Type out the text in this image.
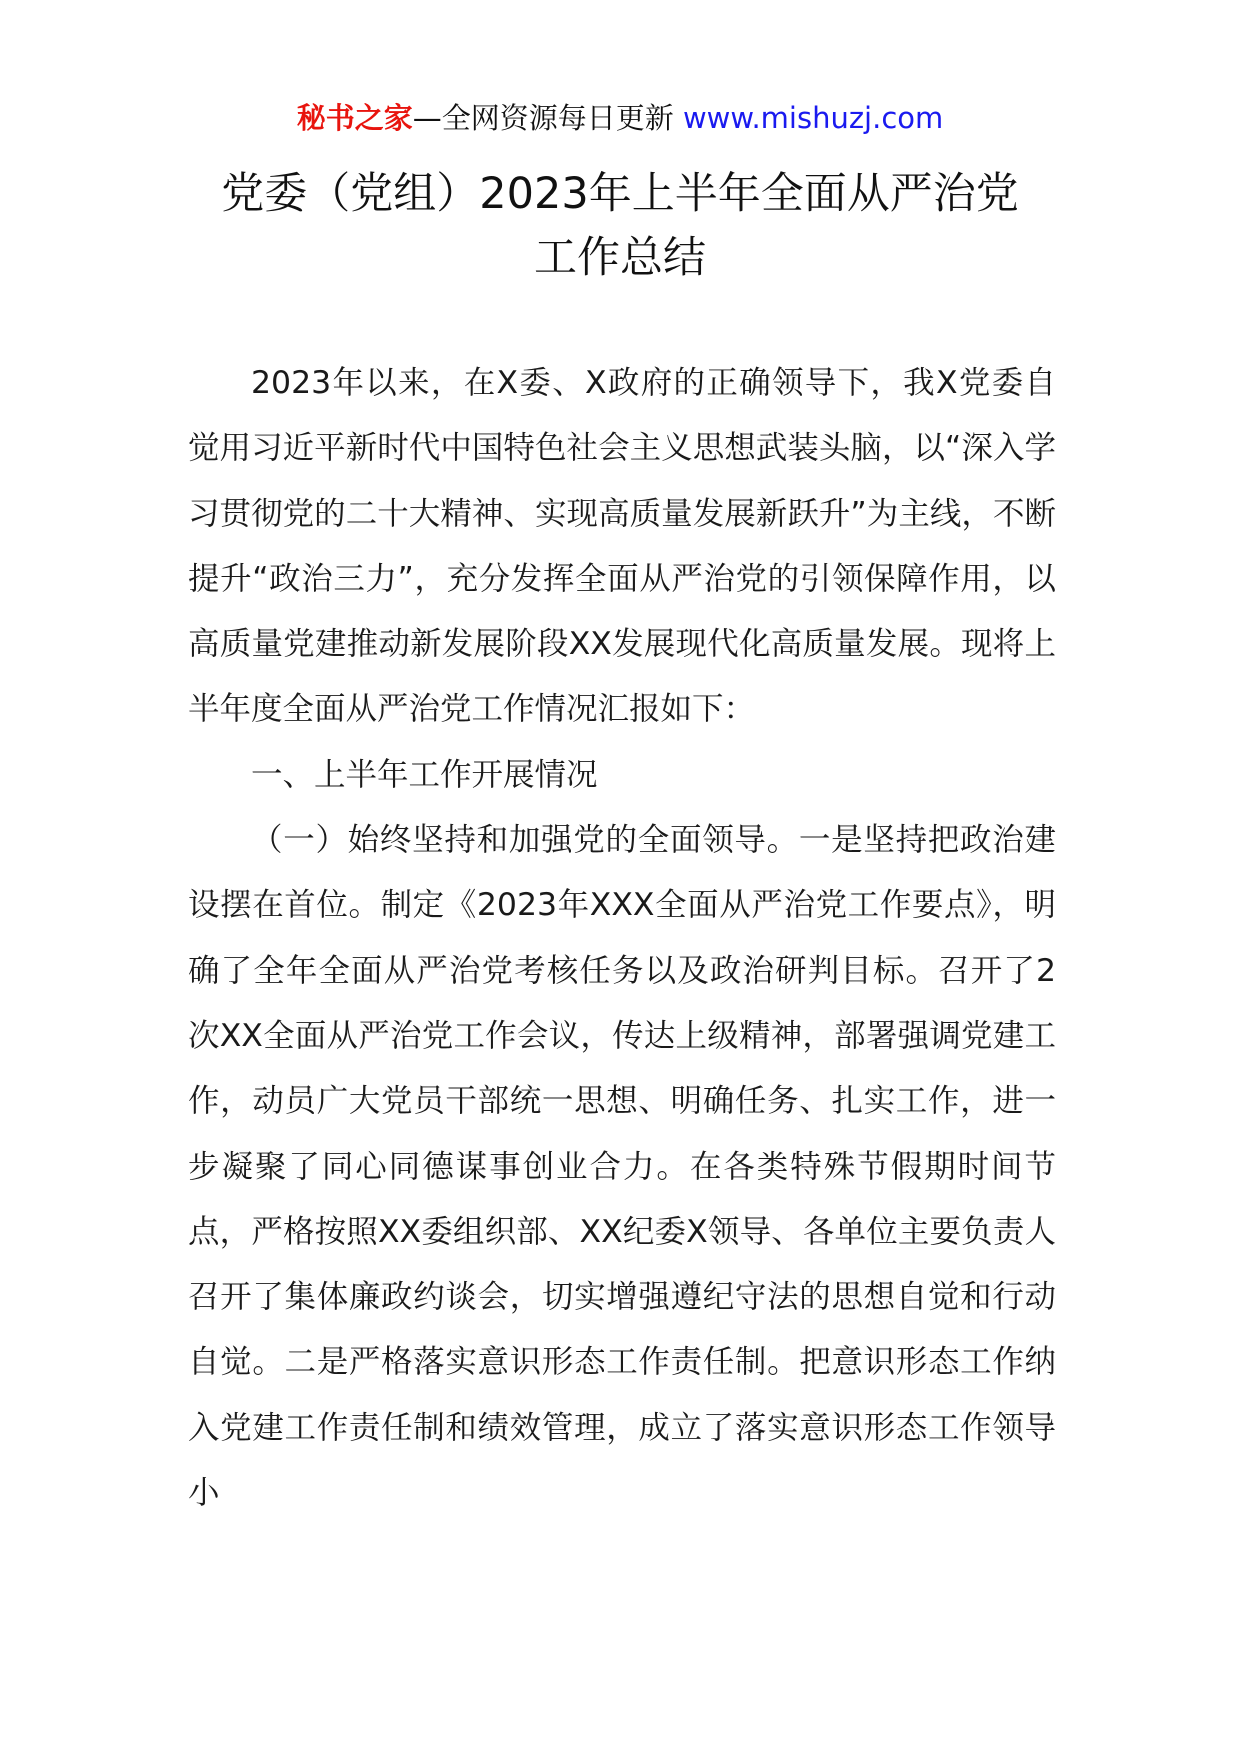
秘书之家—全网资源每日更新 www.mishuzj.com
党委（党组）2023年上半年全面从严治党
工作总结

2023年以来，在X委、X政府的正确领导下，我X党委自觉用习近平新时代中国特色社会主义思想武装头脑，以“深入学习贯彻党的二十大精神、实现高质量发展新跃升”为主线，不断提升“政治三力”，充分发挥全面从严治党的引领保障作用，以高质量党建推动新发展阶段XX发展现代化高质量发展。现将上半年度全面从严治党工作情况汇报如下：

一、上半年工作开展情况

（一）始终坚持和加强党的全面领导。一是坚持把政治建设摆在首位。制定《2023年XXX全面从严治党工作要点》，明确了全年全面从严治党考核任务以及政治研判目标。召开了2次XX全面从严治党工作会议，传达上级精神，部署强调党建工作，动员广大党员干部统一思想、明确任务、扎实工作，进一步凝聚了同心同德谋事创业合力。在各类特殊节假期时间节点，严格按照XX委组织部、XX纪委X领导、各单位主要负责人召开了集体廉政约谈会，切实增强遵纪守法的思想自觉和行动自觉。二是严格落实意识形态工作责任制。把意识形态工作纳入党建工作责任制和绩效管理，成立了落实意识形态工作领导小
